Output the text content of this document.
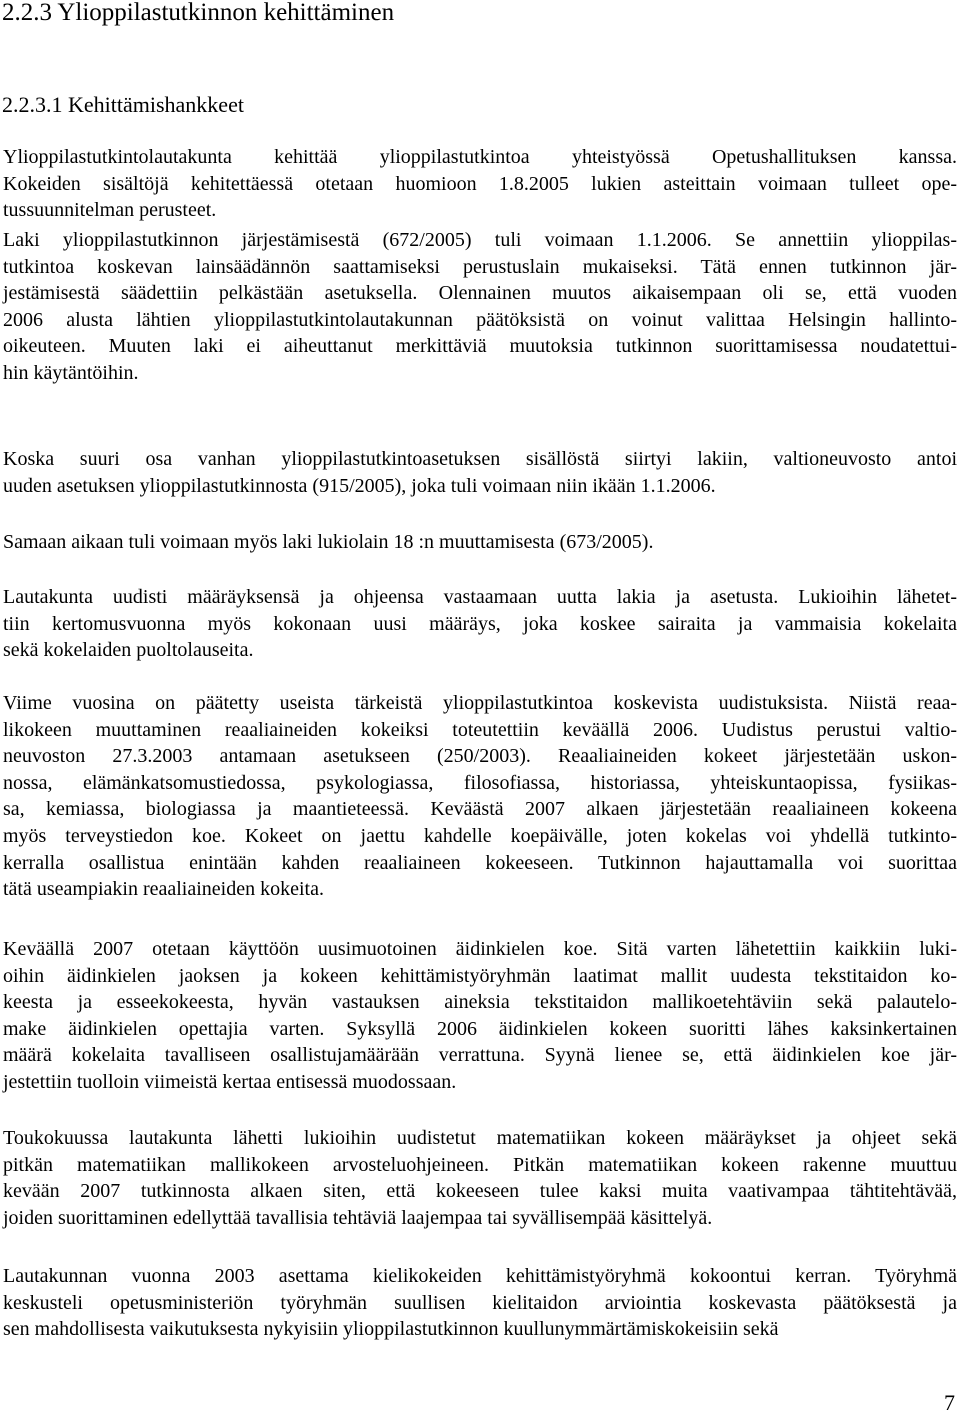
2.2.3 Ylioppilastutkinnon kehittäminen
2.2.3.1 Kehittämishankkeet
Ylioppilastutkintolautakunta kehittää ylioppilastutkintoa yhteistyössä Opetushallituksen kanssa.
Kokeiden sisältöjä kehitettäessä otetaan huomioon 1.8.2005 lukien asteittain voimaan tulleet ope-
tussuunnitelman perusteet.
Laki ylioppilastutkinnon järjestämisestä (672/2005) tuli voimaan 1.1.2006. Se annettiin ylioppilas-
tutkintoa koskevan lainsäädännön saattamiseksi perustuslain mukaiseksi. Tätä ennen tutkinnon jär-
jestämisestä säädettiin pelkästään asetuksella. Olennainen muutos aikaisempaan oli se, että vuoden
2006 alusta lähtien ylioppilastutkintolautakunnan päätöksistä on voinut valittaa Helsingin hallinto-
oikeuteen. Muuten laki ei aiheuttanut merkittäviä muutoksia tutkinnon suorittamisessa noudatettui-
hin käytäntöihin.
Koska suuri osa vanhan ylioppilastutkintoasetuksen sisällöstä siirtyi lakiin, valtioneuvosto antoi
uuden asetuksen ylioppilastutkinnosta (915/2005), joka tuli voimaan niin ikään 1.1.2006.
Samaan aikaan tuli voimaan myös laki lukiolain 18 :n muuttamisesta (673/2005).
Lautakunta uudisti määräyksensä ja ohjeensa vastaamaan uutta lakia ja asetusta. Lukioihin lähetet-
tiin kertomusvuonna myös kokonaan uusi määräys, joka koskee sairaita ja vammaisia kokelaita
sekä kokelaiden puoltolauseita.
Viime vuosina on päätetty useista tärkeistä ylioppilastutkintoa koskevista uudistuksista. Niistä reaa-
likokeen muuttaminen reaaliaineiden kokeiksi toteutettiin keväällä 2006. Uudistus perustui valtio-
neuvoston 27.3.2003 antamaan asetukseen (250/2003). Reaaliaineiden kokeet järjestetään uskon-
nossa, elämänkatsomustiedossa, psykologiassa, filosofiassa, historiassa, yhteiskuntaopissa, fysiikas-
sa, kemiassa, biologiassa ja maantieteessä. Keväästä 2007 alkaen järjestetään reaaliaineen kokeena
myös terveystiedon koe. Kokeet on jaettu kahdelle koepäivälle, joten kokelas voi yhdellä tutkinto-
kerralla osallistua enintään kahden reaaliaineen kokeeseen. Tutkinnon hajauttamalla voi suorittaa
tätä useampiakin reaaliaineiden kokeita.
Keväällä 2007 otetaan käyttöön uusimuotoinen äidinkielen koe. Sitä varten lähetettiin kaikkiin luki-
oihin äidinkielen jaoksen ja kokeen kehittämistyöryhmän laatimat mallit uudesta tekstitaidon ko-
keesta ja esseekokeesta, hyvän vastauksen aineksia tekstitaidon mallikoetehtäviin sekä palautelo-
make äidinkielen opettajia varten. Syksyllä 2006 äidinkielen kokeen suoritti lähes kaksinkertainen
määrä kokelaita tavalliseen osallistujamäärään verrattuna. Syynä lienee se, että äidinkielen koe jär-
jestettiin tuolloin viimeistä kertaa entisessä muodossaan.
Toukokuussa lautakunta lähetti lukioihin uudistetut matematiikan kokeen määräykset ja ohjeet sekä
pitkän matematiikan mallikokeen arvosteluohjeineen. Pitkän matematiikan kokeen rakenne muuttuu
kevään 2007 tutkinnosta alkaen siten, että kokeeseen tulee kaksi muita vaativampaa tähtitehtävää,
joiden suorittaminen edellyttää tavallisia tehtäviä laajempaa tai syvällisempää käsittelyä.
Lautakunnan vuonna 2003 asettama kielikokeiden kehittämistyöryhmä kokoontui kerran. Työryhmä
keskusteli opetusministeriön työryhmän suullisen kielitaidon arviointia koskevasta päätöksestä ja
sen mahdollisesta vaikutuksesta nykyisiin ylioppilastutkinnon kuullunymmärtämiskokeisiin sekä
7
